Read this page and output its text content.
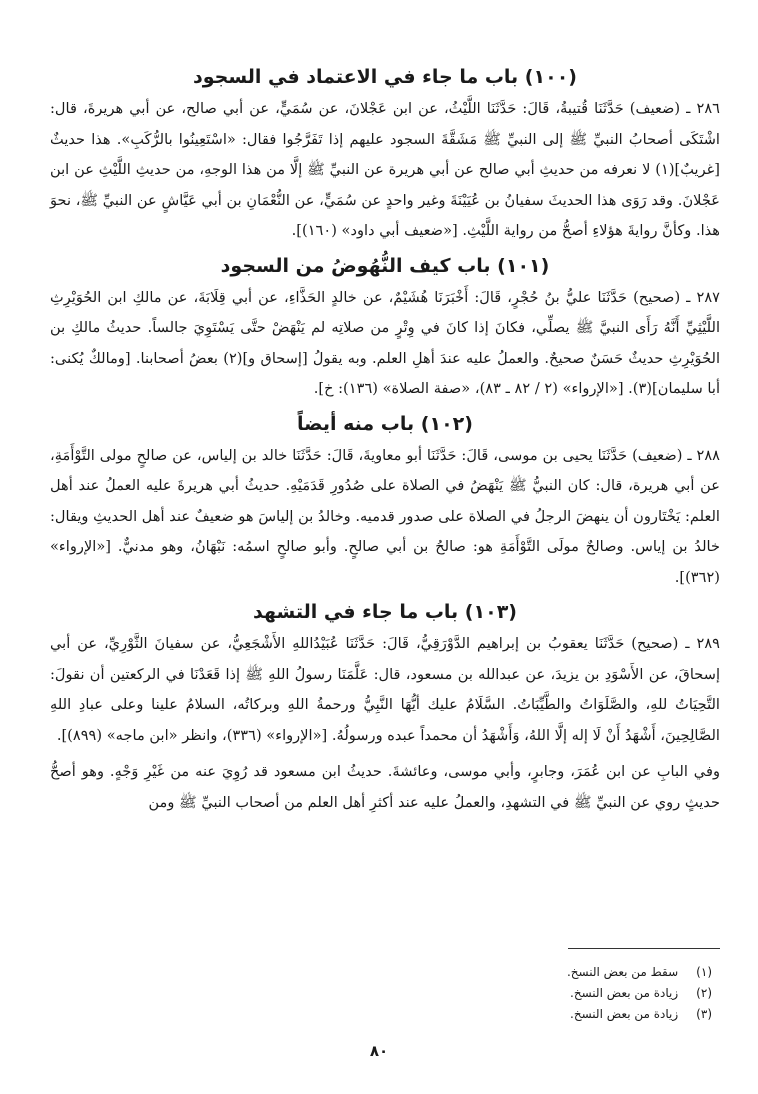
(١٠٠) باب ما جاء في الاعتماد في السجود

٢٨٦ ـ (ضعيف) حَدَّثَنَا قُتيبةُ، قَالَ: حَدَّثَنَا اللَّيْثُ، عن ابن عَجْلانَ، عن سُمَيٍّ، عن أبي صالح، عن أبي هريرةَ، قال: اشْتَكَى أصحابُ النبيِّ ﷺ إلى النبيِّ ﷺ مَشَقَّةَ السجود عليهم إذا تَفَرَّجُوا فقال: «اسْتَعِينُوا بالرُّكَبِ». هذا حديثٌ [غريبٌ](١) لا نعرفه من حديثِ أبي صالح عن أبي هريرة عن النبيِّ ﷺ إلَّا من هذا الوجهِ، من حديثِ اللَّيْثِ عن ابن عَجْلانَ. وقد رَوَى هذا الحديثَ سفيانُ بن عُيَيْنَةَ وغير واحدٍ عن سُمَيٍّ، عن النُّعْمَانِ بن أبي عَيَّاشٍ عن النبيِّ ﷺ، نحوَ هذا. وكأنَّ روايةَ هؤلاءِ أصحُّ من رواية اللَّيْثِ. [«ضعيف أبي داود» (١٦٠)].

(١٠١) باب كيف النُّهُوضُ من السجود

٢٨٧ ـ (صحيح) حَدَّثَنَا عليُّ بنُ حُجْرٍ، قَالَ: أَخْبَرَنَا هُشَيْمٌ، عن خالدٍ الحَذَّاءِ، عن أبي قِلَابَةَ، عن مالكِ ابن الحُوَيْرِثِ اللَّيْثِيِّ أَنَّهُ رَأَى النبيَّ ﷺ يصلِّي، فكانَ إذا كانَ في وِتْرٍ من صلاتِه لم يَنْهَضْ حتَّى يَسْتَوِيَ جالساً. حديثُ مالكِ بن الحُوَيْرِثِ حديثٌ حَسَنٌ صحيحٌ. والعملُ عليه عندَ أهلِ العلم. وبه يقولُ [إسحاق و](٢) بعضُ أصحابنا. [ومالكٌ يُكنى: أبا سليمان](٣). [«الإرواء» (٢ / ٨٢ ـ ٨٣)، «صفة الصلاة» (١٣٦): خ].

(١٠٢) باب منه أيضاً

٢٨٨ ـ (ضعيف) حَدَّثَنَا يحيى بن موسى، قَالَ: حَدَّثَنَا أبو معاويةَ، قَالَ: حَدَّثَنَا خالد بن إلياس، عن صالحٍ مولى التَّوْأَمَةِ، عن أبي هريرة، قال: كان النبيُّ ﷺ يَنْهَضُ في الصلاة على صُدُورِ قَدَمَيْهِ. حديثُ أبي هريرةَ عليه العملُ عند أهل العلم: يَخْتَارون أن ينهضَ الرجلُ في الصلاة على صدور قدميه. وخالدُ بن إلياسَ هو ضعيفٌ عند أهل الحديثِ ويقال: خالدُ بن إياس. وصالحٌ مولَى التَّوْأَمَةِ هو: صالحُ بن أبي صالحٍ. وأبو صالحٍ اسمُه: نَبْهَانُ، وهو مدنيٌّ. [«الإرواء» (٣٦٢)].

(١٠٣) باب ما جاء في التشهد

٢٨٩ ـ (صحيح) حَدَّثَنَا يعقوبُ بن إبراهيم الدَّوْرَقِيُّ، قَالَ: حَدَّثَنَا عُبَيْدُاللهِ الأَشْجَعِيُّ، عن سفيانَ الثَّوْرِيِّ، عن أبي إسحاقَ، عن الأَسْوَدِ بن يزيدَ، عن عبدالله بن مسعود، قال: عَلَّمَنَا رسولُ اللهِ ﷺ إذا قَعَدْنَا في الركعتين أن نقولَ: التَّحِيَاتُ للهِ، والصَّلَوَاتُ والطَّيِّبَاتُ. السَّلَامُ عليك أيُّهَا النَّبِيُّ ورحمةُ اللهِ وبركاتُه، السلامُ علينا وعلى عبادِ اللهِ الصَّالِحِينَ، أَشْهَدُ أَنْ لَا إله إلَّا اللهُ، وَأَشْهَدُ أن محمداً عبده ورسولُهُ. [«الإرواء» (٣٣٦)، وانظر «ابن ماجه» (٨٩٩)].

وفي البابِ عن ابن عُمَرَ، وجابرٍ، وأبي موسى، وعائشةَ. حديثُ ابن مسعود قد رُوِيَ عنه من غَيْرِ وَجْهٍ. وهو أصحُّ حديثٍ روي عن النبيِّ ﷺ في التشهدِ، والعملُ عليه عند أكثرِ أهل العلم من أصحاب النبيِّ ﷺ ومن

(١) سقط من بعض النسخ.
(٢) زيادة من بعض النسخ.
(٣) زيادة من بعض النسخ.
٨٠
